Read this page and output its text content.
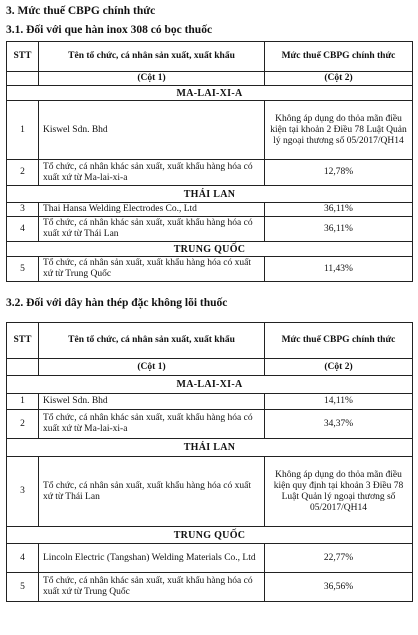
3. Mức thuế CBPG chính thức

3.1. Đối với que hàn inox 308 có bọc thuốc

STT	Tên tổ chức, cá nhân sản xuất, xuất khẩu	Mức thuế CBPG chính thức
	(Cột 1)	(Cột 2)
MA-LAI-XI-A		
1	Kiswel Sdn. Bhd	Không áp dụng do thỏa mãn điều kiện tại khoản 2 Điều 78 Luật Quản lý ngoại thương số 05/2017/QH14
2	Tổ chức, cá nhân khác sản xuất, xuất khẩu hàng hóa có xuất xứ từ Ma-lai-xi-a	12,78%
THÁI LAN		
3	Thai Hansa Welding Electrodes Co., Ltd	36,11%
4	Tổ chức, cá nhân khác sản xuất, xuất khẩu hàng hóa có xuất xứ từ Thái Lan	36,11%
TRUNG QUỐC		
5	Tổ chức, cá nhân sản xuất, xuất khẩu hàng hóa có xuất xứ từ Trung Quốc	11,43%

3.2. Đối với dây hàn thép đặc không lõi thuốc

STT	Tên tổ chức, cá nhân sản xuất, xuất khẩu	Mức thuế CBPG chính thức
	(Cột 1)	(Cột 2)
MA-LAI-XI-A		
1	Kiswel Sdn. Bhd	14,11%
2	Tổ chức, cá nhân khác sản xuất, xuất khẩu hàng hóa có xuất xứ từ Ma-lai-xi-a	34,37%
THÁI LAN		
3	Tổ chức, cá nhân sản xuất, xuất khẩu hàng hóa có xuất xứ từ Thái Lan	Không áp dụng do thỏa mãn điều kiện quy định tại khoản 3 Điều 78 Luật Quản lý ngoại thương số 05/2017/QH14
TRUNG QUỐC		
4	Lincoln Electric (Tangshan) Welding Materials Co., Ltd	22,77%
5	Tổ chức, cá nhân khác sản xuất, xuất khẩu hàng hóa có xuất xứ từ Trung Quốc	36,56%
